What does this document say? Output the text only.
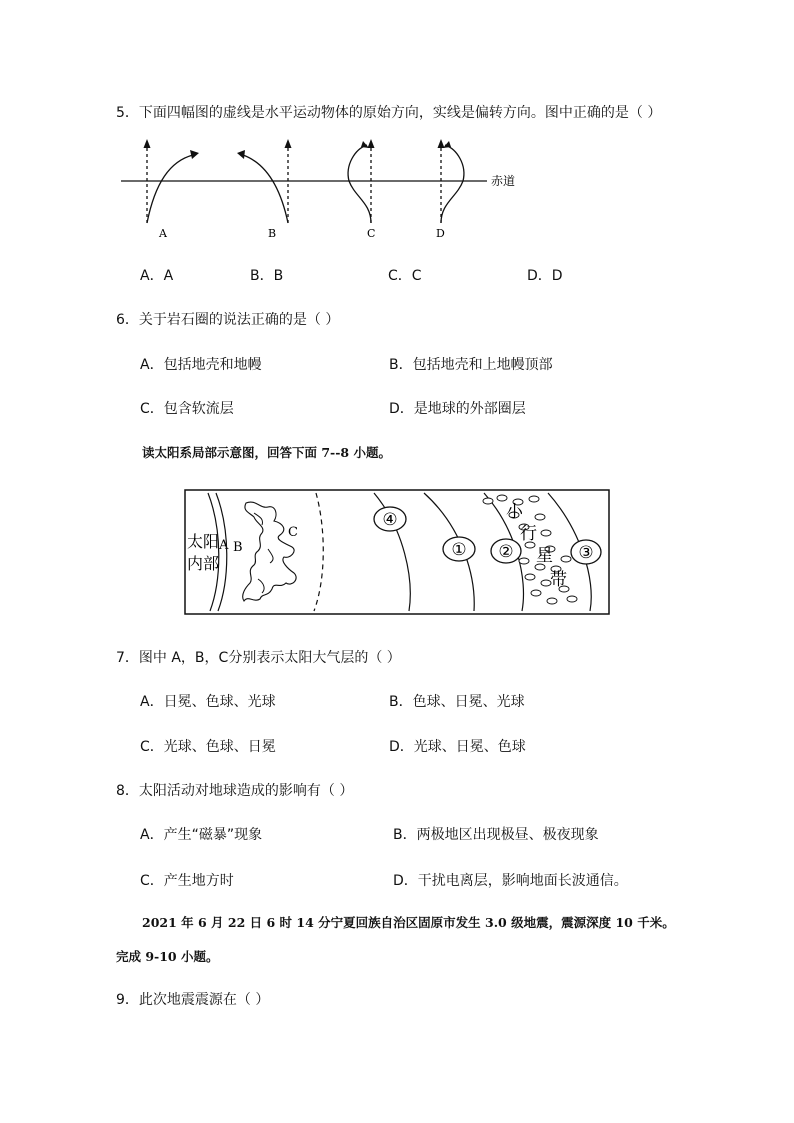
5．下面四幅图的虚线是水平运动物体的原始方向，实线是偏转方向。图中正确的是（ ）
赤道
A	B	C	D
A．A	B．B	C．C	D．D
6．关于岩石圈的说法正确的是（ ）
A．包括地壳和地幔	B．包括地壳和上地幔顶部
C．包含软流层	D．是地球的外部圈层
读太阳系局部示意图，回答下面 7--8 小题。
太阳
内部
A B
C
④
① ②	③
小
行
星
带
7．图中 A，B，C分别表示太阳大气层的（ ）
A．日冕、色球、光球	B．色球、日冕、光球
C．光球、色球、日冕	D．光球、日冕、色球
8．太阳活动对地球造成的影响有（ ）
A．产生“磁暴”现象	B．两极地区出现极昼、极夜现象
C．产生地方时	D．干扰电离层，影响地面长波通信。
2021 年 6 月 22 日 6 时 14 分宁夏回族自治区固原市发生 3.0 级地震，震源深度 10 千米。
完成 9-10 小题。
9．此次地震震源在（ ）
